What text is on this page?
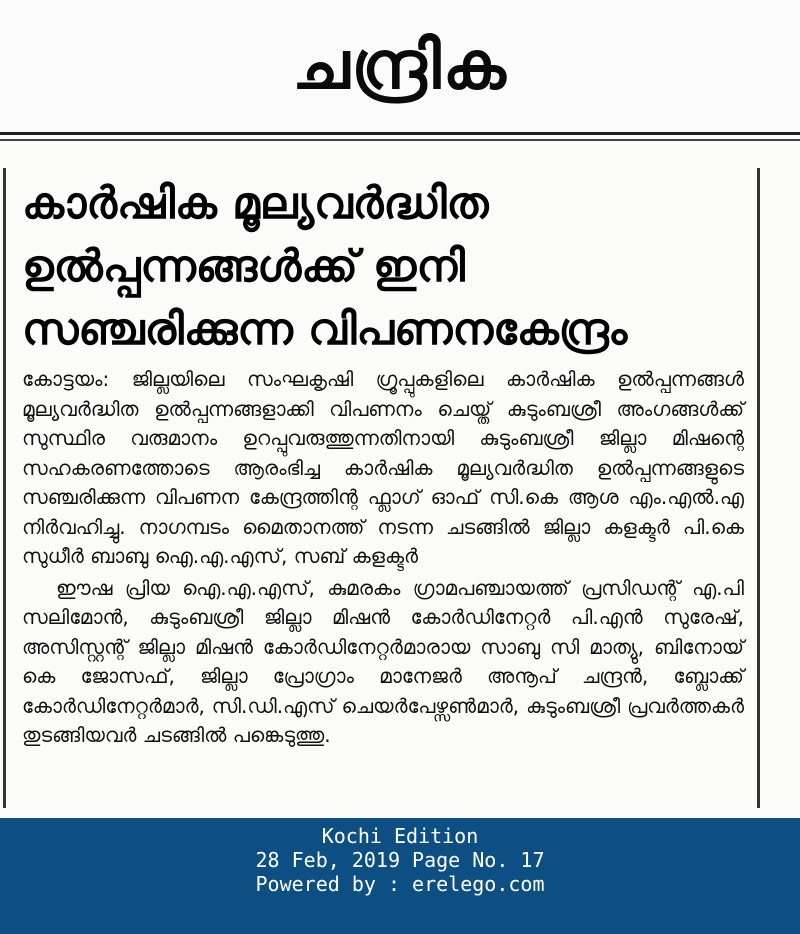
ചന്ദ്രിക
കാർഷിക മൂല്യവർദ്ധിത
ഉൽപ്പന്നങ്ങൾക്ക് ഇനി
സഞ്ചരിക്കുന്ന വിപണനകേന്ദ്രം
കോട്ടയം: ജില്ലയിലെ സംഘകൃഷി ഗ്രൂപ്പുകളിലെ കാർഷിക ഉൽപ്പന്നങ്ങൾ മൂല്യവർദ്ധിത ഉൽപ്പന്നങ്ങളാക്കി വിപണനം ചെയ്ത് കുടുംബശ്രീ അംഗങ്ങൾക്ക് സുസ്ഥിര വരുമാനം ഉറപ്പുവരുത്തുന്നതിനായി കുടുംബശ്രീ ജില്ലാ മിഷന്റെ സഹകരണത്തോടെ ആരംഭിച്ച കാർഷിക മൂല്യവർദ്ധിത ഉൽപ്പന്നങ്ങളുടെ സഞ്ചരിക്കുന്ന വിപണന കേന്ദ്രത്തിന്റ ഫ്ലാഗ് ഓഫ് സി.കെ ആശ എം.എൽ.എ നിർവഹിച്ചു. നാഗമ്പടം മൈതാനത്ത് നടന്ന ചടങ്ങിൽ ജില്ലാ കളക്ടർ പി.കെ സുധീർ ബാബു ഐ.എ.എസ്, സബ് കളക്ടർ
ഈഷ പ്രിയ ഐ.എ.എസ്, കുമരകം ഗ്രാമപഞ്ചായത്ത് പ്രസിഡന്റ് എ.പി സലിമോൻ, കുടുംബശ്രീ ജില്ലാ മിഷൻ കോർഡിനേറ്റർ പി.എൻ സുരേഷ്, അസിസ്റ്റന്റ് ജില്ലാ മിഷൻ കോർഡിനേറ്റർമാരായ സാബു സി മാത്യു, ബിനോയ് കെ ജോസഫ്, ജില്ലാ പ്രോഗ്രാം മാനേജർ അനൂപ് ചന്ദ്രൻ, ബ്ലോക്ക് കോർഡിനേറ്റർമാർ, സി.ഡി.എസ് ചെയർപേഴ്സൺമാർ, കുടുംബശ്രീ പ്രവർത്തകർ തുടങ്ങിയവർ ചടങ്ങിൽ പങ്കെടുത്തു.
Kochi Edition
28 Feb, 2019 Page No. 17
Powered by : erelego.com
